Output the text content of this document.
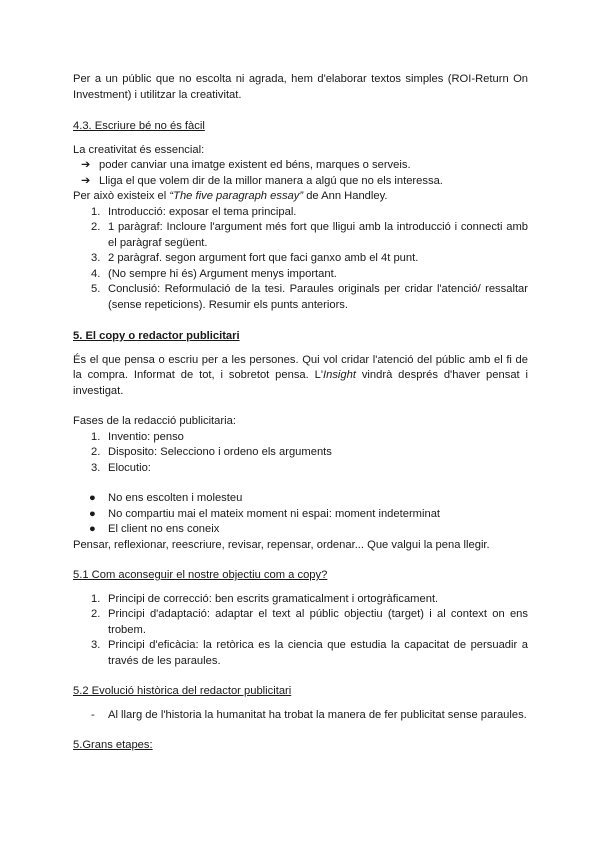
Per a un públic que no escolta ni agrada, hem d'elaborar textos simples (ROI-Return On Investment) i utilitzar la creativitat.

4.3. Escriure bé no és fàcil

La creativitat és essencial:

➔ poder canviar una imatge existent ed béns, marques o serveis.
➔ Lliga el que volem dir de la millor manera a algú que no els interessa.

Per això existeix el “The five paragraph essay” de Ann Handley.

1. Introducció: exposar el tema principal.
2. 1 paràgraf: Incloure l'argument més fort que lligui amb la introducció i connecti amb el paràgraf següent.
3. 2 paràgraf. segon argument fort que faci ganxo amb el 4t punt.
4. (No sempre hi és) Argument menys important.
5. Conclusió: Reformulació de la tesi. Paraules originals per cridar l'atenció/ ressaltar (sense repeticions). Resumir els punts anteriors.

5. El copy o redactor publicitari

És el que pensa o escriu per a les persones. Qui vol cridar l'atenció del públic amb el fi de la compra. Informat de tot, i sobretot pensa. L'Insight vindrà després d'haver pensat i investigat.

Fases de la redacció publicitaria:

1. Inventio: penso
2. Disposito: Selecciono i ordeno els arguments
3. Elocutio:
●	No ens escolten i molesteu
●	No compartiu mai el mateix moment ni espai: moment indeterminat
●	El client no ens coneix

Pensar, reflexionar, reescriure, revisar, repensar, ordenar... Que valgui la pena llegir.

5.1 Com aconseguir el nostre objectiu com a copy?

1. Principi de correcció: ben escrits gramaticalment i ortogràficament.
2. Principi d'adaptació: adaptar el text al públic objectiu (target) i al context on ens trobem.
3. Principi d'eficàcia: la retòrica es la ciencia que estudia la capacitat de persuadir a través de les paraules.

5.2 Evolució històrica del redactor publicitari

-	Al llarg de l'historia la humanitat ha trobat la manera de fer publicitat sense paraules.

5.Grans etapes:
